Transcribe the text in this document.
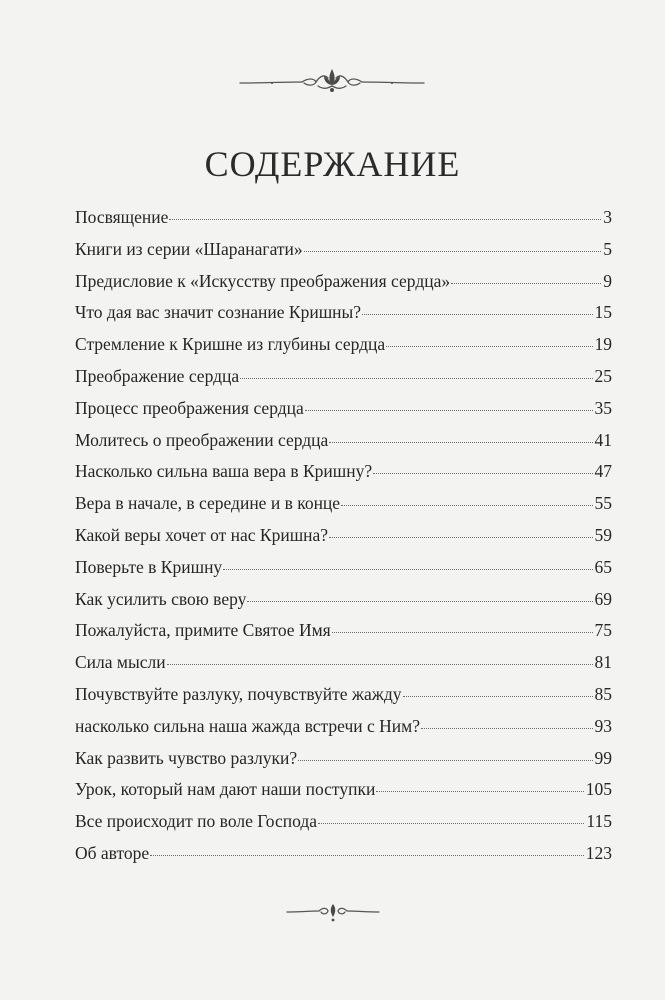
СОДЕРЖАНИЕ
Посвящение	3
Книги из серии «Шаранагати»	5
Предисловие к «Искусству преображения сердца»	9
Что дая вас значит сознание Кришны?	15
Стремление к Кришне из глубины сердца	19
Преображение сердца	25
Процесс преображения сердца	35
Молитесь о преображении сердца	41
Насколько сильна ваша вера в Кришну?	47
Вера в начале, в середине и в конце	55
Какой веры хочет от нас Кришна?	59
Поверьте в Кришну	65
Как усилить свою веру	69
Пожалуйста, примите Святое Имя	75
Сила мысли	81
Почувствуйте разлуку, почувствуйте жажду	85
насколько сильна наша жажда встречи с Ним?	93
Как развить чувство разлуки?	99
Урок, который нам дают наши поступки	105
Все происходит по воле Господа	115
Об авторе	123
